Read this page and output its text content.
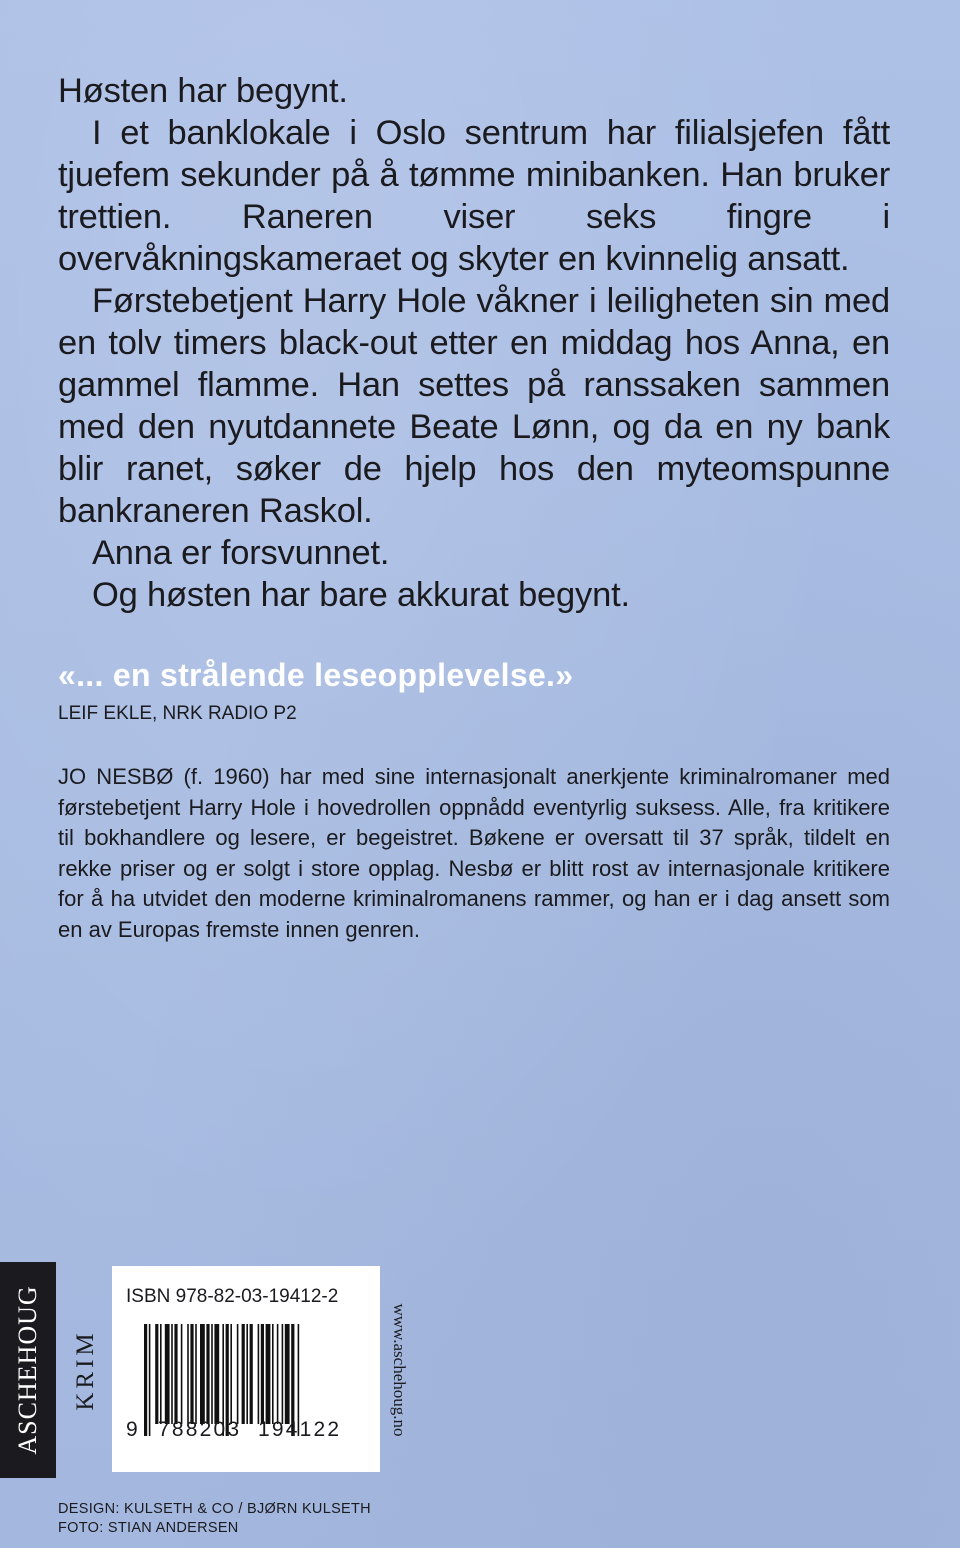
Høsten har begynt.

I et banklokale i Oslo sentrum har filialsjefen fått tjuefem sekunder på å tømme minibanken. Han bruker trettien. Raneren viser seks fingre i overvåkningskameraet og skyter en kvinnelig ansatt.

Førstebetjent Harry Hole våkner i leiligheten sin med en tolv timers black-out etter en middag hos Anna, en gammel flamme. Han settes på ranssaken sammen med den nyutdannete Beate Lønn, og da en ny bank blir ranet, søker de hjelp hos den myteomspunne bankraneren Raskol.

Anna er forsvunnet.

Og høsten har bare akkurat begynt.

«... en strålende leseopplevelse.»
LEIF EKLE, NRK RADIO P2

JO NESBØ (f. 1960) har med sine internasjonalt anerkjente kriminalromaner med førstebetjent Harry Hole i hovedrollen oppnådd eventyrlig suksess. Alle, fra kritikere til bokhandlere og lesere, er begeistret. Bøkene er oversatt til 37 språk, tildelt en rekke priser og er solgt i store opplag. Nesbø er blitt rost av internasjonale kritikere for å ha utvidet den moderne kriminalromanens rammer, og han er i dag ansett som en av Europas fremste innen genren.

ASCHEHOUG KRIM
ISBN 978-82-03-19412-2
9 788203 194122	www.aschehoug.no
DESIGN: KULSETH & CO / BJØRN KULSETH
FOTO: STIAN ANDERSEN
